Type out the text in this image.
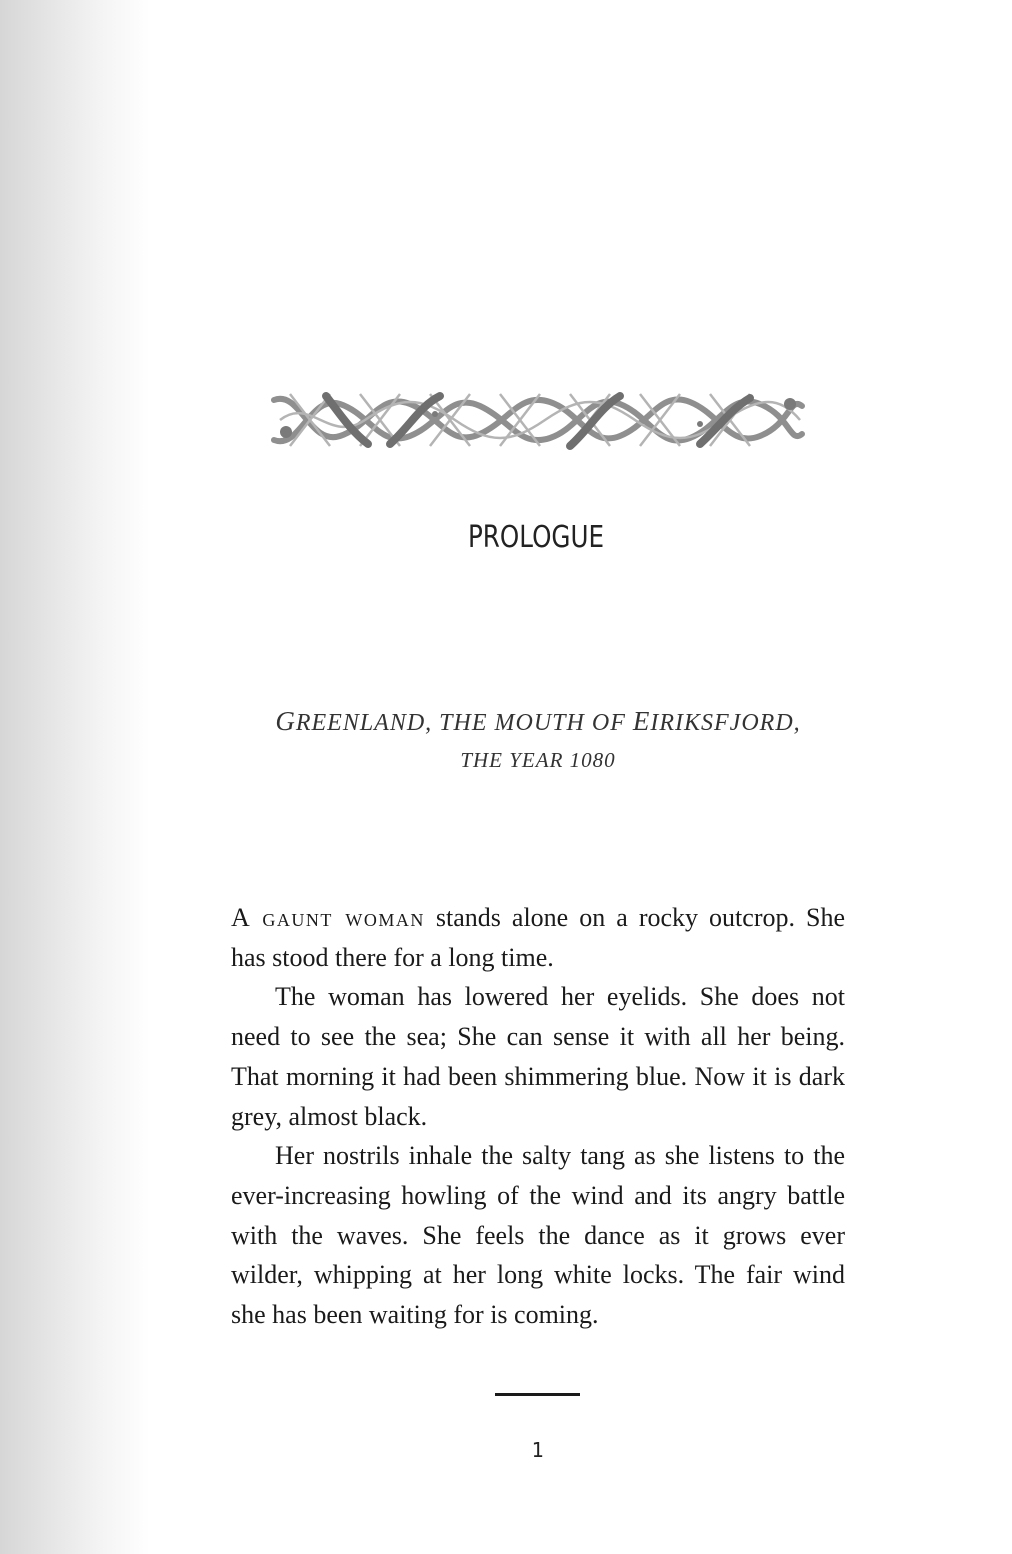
PROLOGUE
GREENLAND, THE MOUTH OF EIRIKSFJORD,
THE YEAR 1080

A gaunt woman stands alone on a rocky outcrop. She has stood there for a long time.

The woman has lowered her eyelids. She does not need to see the sea; She can sense it with all her being. That morning it had been shimmering blue. Now it is dark grey, almost black.

Her nostrils inhale the salty tang as she listens to the ever-increasing howling of the wind and its angry battle with the waves. She feels the dance as it grows ever wilder, whipping at her long white locks. The fair wind she has been waiting for is coming.

1
